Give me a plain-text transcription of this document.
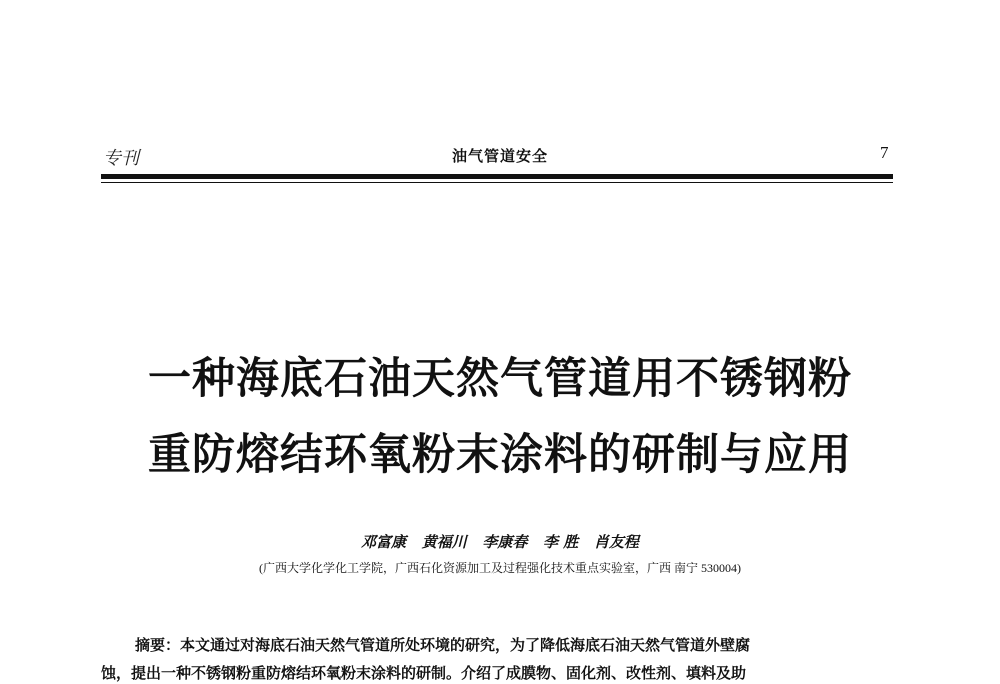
专刊	油气管道安全	7
一种海底石油天然气管道用不锈钢粉
重防熔结环氧粉末涂料的研制与应用
邓富康   黄福川   李康春   李 胜   肖友程
(广西大学化学化工学院，广西石化资源加工及过程强化技术重点实验室，广西 南宁 530004)
摘要：本文通过对海底石油天然气管道所处环境的研究，为了降低海底石油天然气管道外壁腐
蚀，提出一种不锈钢粉重防熔结环氧粉末涂料的研制。介绍了成膜物、固化剂、改性剂、填料及助
